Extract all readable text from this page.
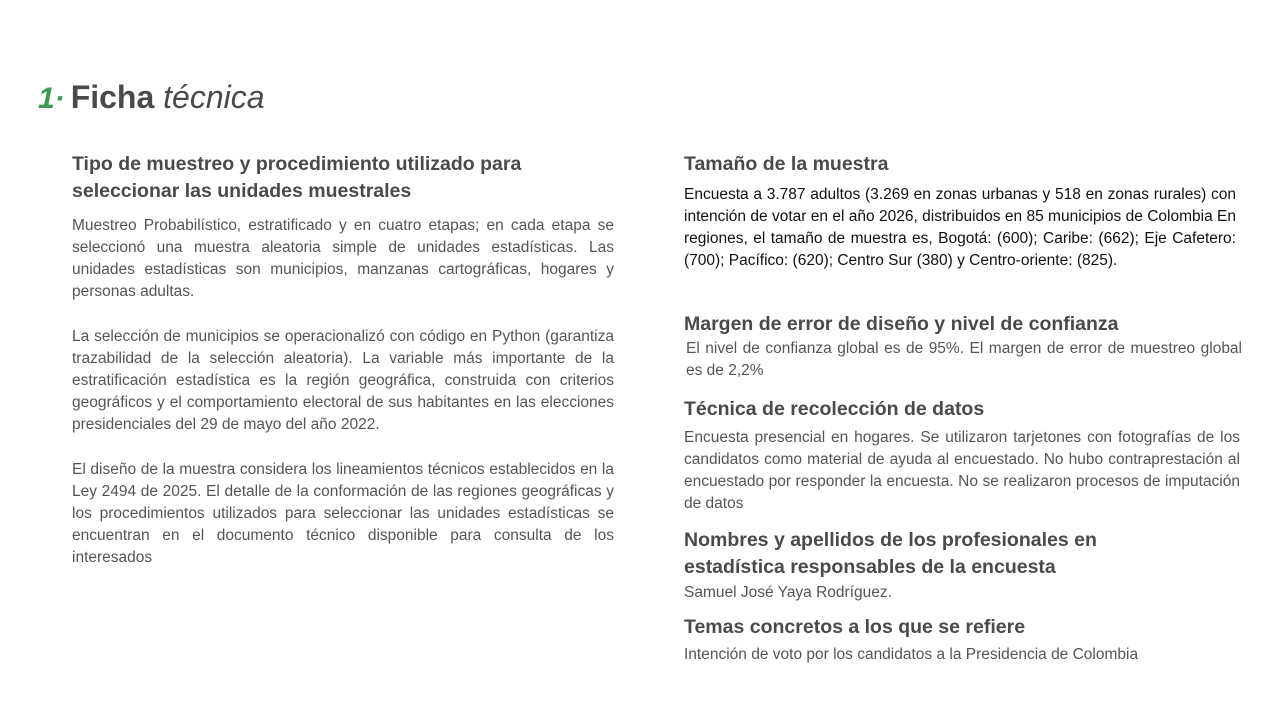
1· Ficha técnica
Tipo de muestreo y procedimiento utilizado para seleccionar las unidades muestrales

Muestreo Probabilístico, estratificado y en cuatro etapas; en cada etapa se seleccionó una muestra aleatoria simple de unidades estadísticas. Las unidades estadísticas son municipios, manzanas cartográficas, hogares y personas adultas.

La selección de municipios se operacionalizó con código en Python (garantiza trazabilidad de la selección aleatoria). La variable más importante de la estratificación estadística es la región geográfica, construida con criterios geográficos y el comportamiento electoral de sus habitantes en las elecciones presidenciales del 29 de mayo del año 2022.

El diseño de la muestra considera los lineamientos técnicos establecidos en la Ley 2494 de 2025. El detalle de la conformación de las regiones geográficas y los procedimientos utilizados para seleccionar las unidades estadísticas se encuentran en el documento técnico disponible para consulta de los interesados

Tamaño de la muestra

Encuesta a 3.787 adultos (3.269 en zonas urbanas y 518 en zonas rurales) con intención de votar en el año 2026, distribuidos en 85 municipios de Colombia En regiones, el tamaño de muestra es, Bogotá: (600); Caribe: (662); Eje Cafetero: (700); Pacífico: (620); Centro Sur (380) y Centro-oriente: (825).

Margen de error de diseño y nivel de confianza

El nivel de confianza global es de 95%. El margen de error de muestreo global es de 2,2%

Técnica de recolección de datos

Encuesta presencial en hogares. Se utilizaron tarjetones con fotografías de los candidatos como material de ayuda al encuestado. No hubo contraprestación al encuestado por responder la encuesta. No se realizaron procesos de imputación de datos

Nombres y apellidos de los profesionales en estadística responsables de la encuesta

Samuel José Yaya Rodríguez.

Temas concretos a los que se refiere

Intención de voto por los candidatos a la Presidencia de Colombia
